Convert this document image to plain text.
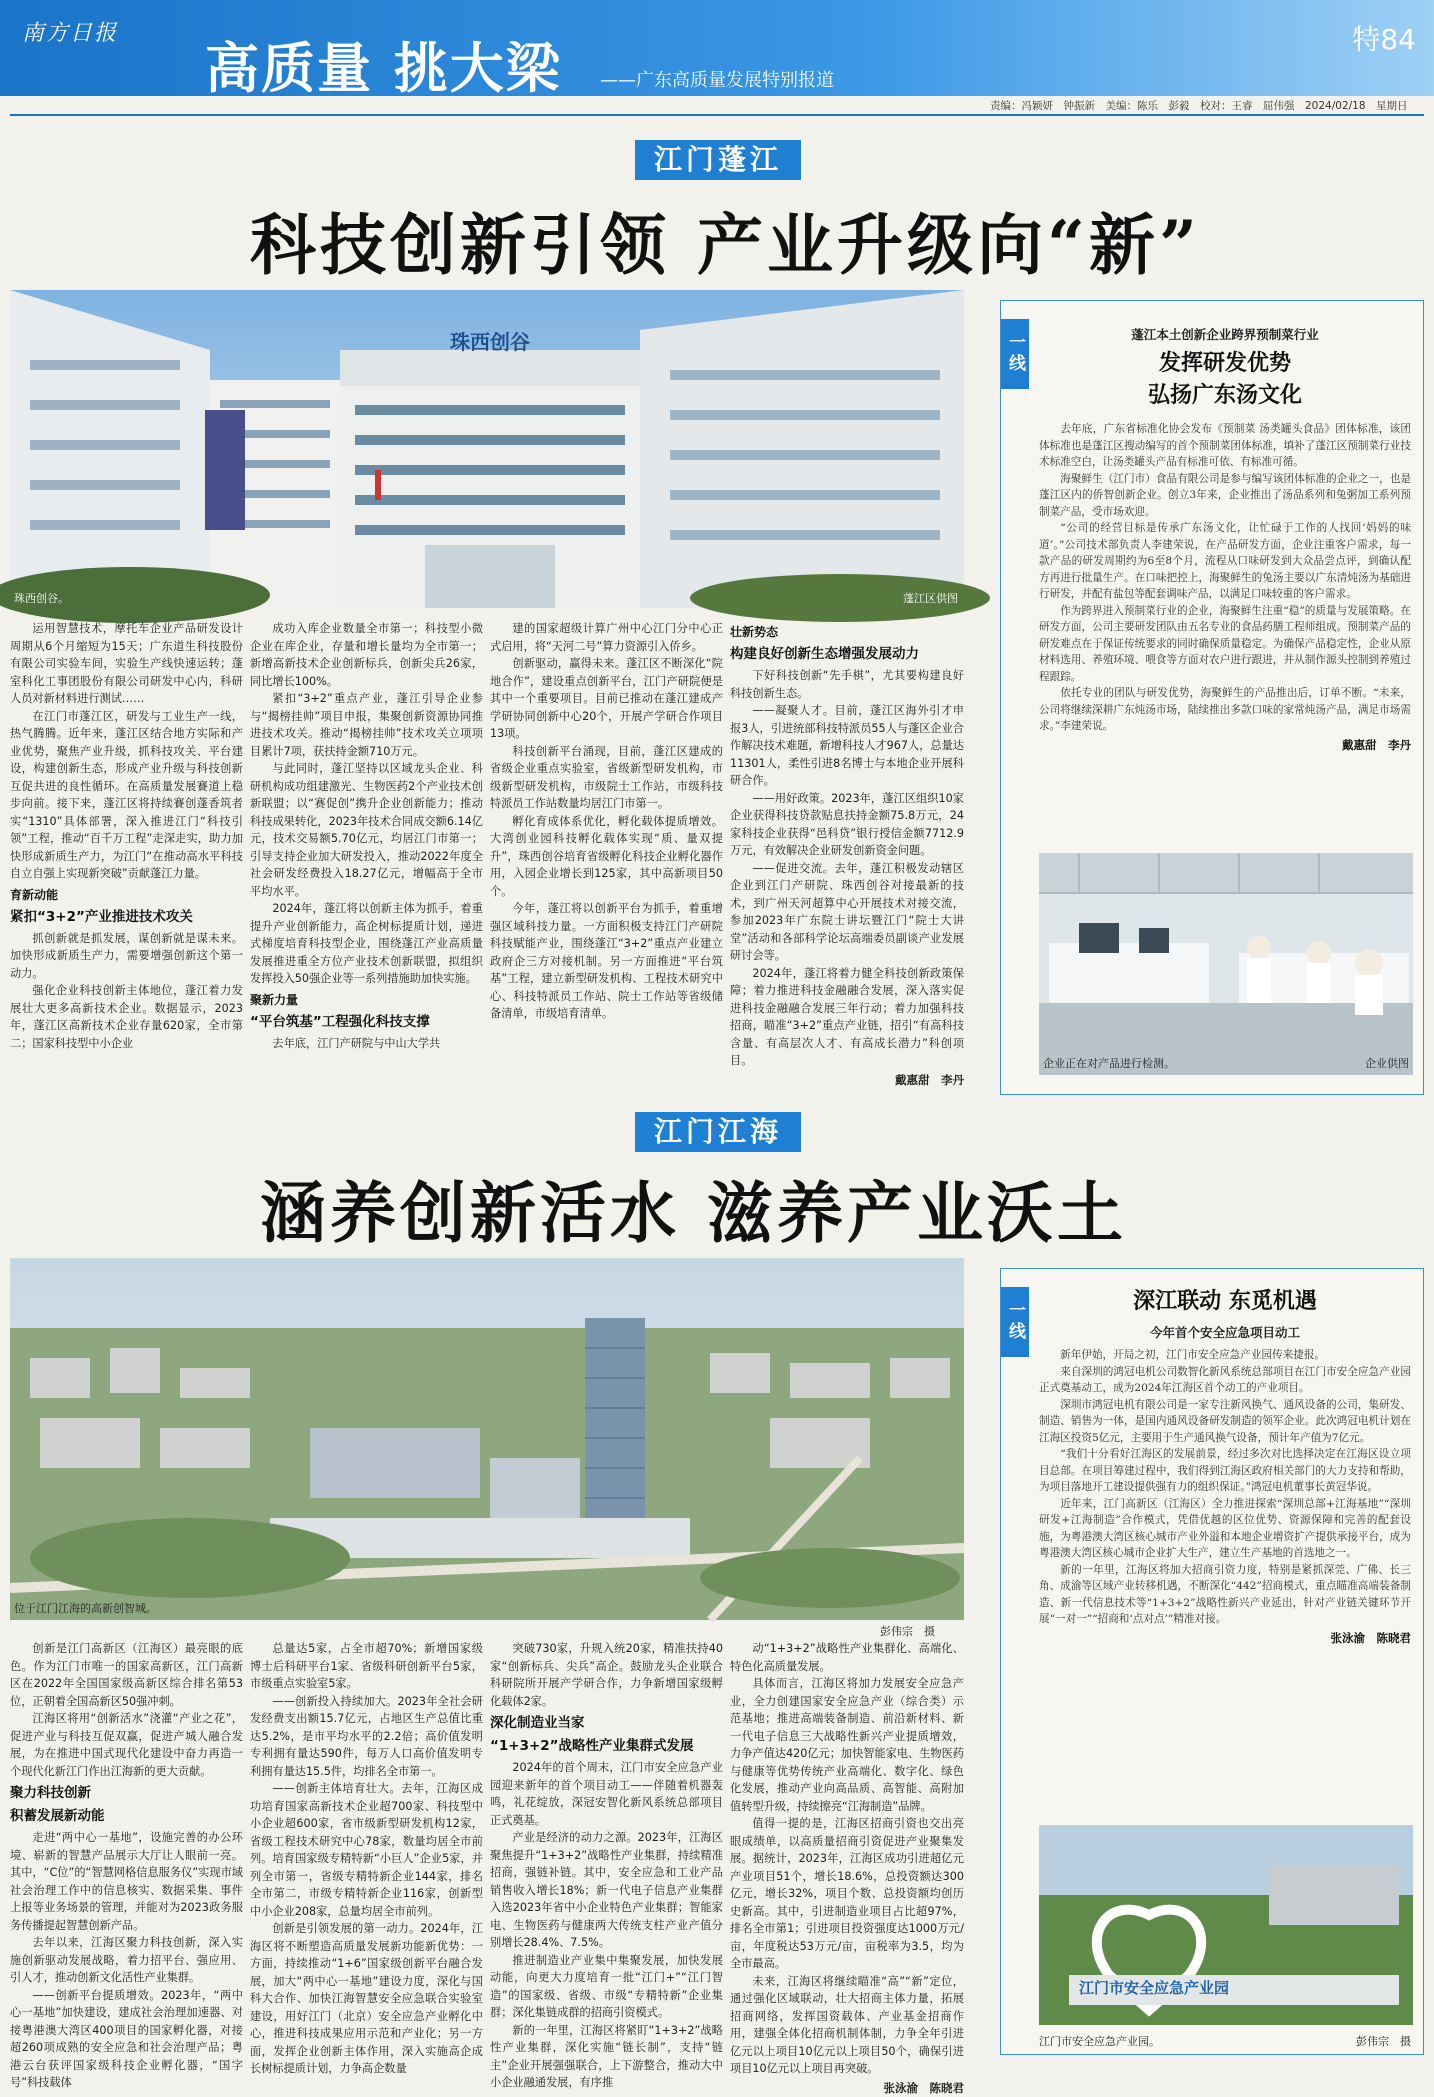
南方日报
高质量 挑大梁 ——广东高质量发展特别报道
特84
责编：冯颖妍　钟振新　美编：陈乐　彭毅　校对：王睿　屈伟强　2024/02/18　星期日
江门蓬江
科技创新引领 产业升级向“新”
珠西创谷
珠西创谷。	蓬江区供图

运用智慧技术，摩托车企业产品研发设计周期从6个月缩短为15天；广东道生科技股份有限公司实验车间，实验生产线快速运转；蓬室科化工事团股份有限公司研发中心内，科研人员对新材料进行测试……

在江门市蓬江区，研发与工业生产一线，热气腾腾。近年来，蓬江区结合地方实际和产业优势，聚焦产业升级，抓科技攻关、平台建设，构建创新生态，形成产业升级与科技创新互促共进的良性循环。在高质量发展賽道上稳步向前。接下来，蓬江区将持续賽创蓬香筑者实“1310”具体部署，深入推进江门“科技引领”工程，推动“百千万工程”走深走实，助力加快形成新质生产力，为江门“在推动高水平科技自立自强上实现新突破”贡献蓬江力量。

育新动能
紧扣“3+2”产业推进技术攻关

抓创新就是抓发展，谋创新就是谋未来。加快形成新质生产力，需要增强创新这个第一动力。

强化企业科技创新主体地位，蓬江着力发展壮大更多高新技术企业。数据显示，2023年，蓬江区高新技术企业存量620家，全市第二；国家科技型中小企业

成功入库企业数量全市第一；科技型小微企业在库企业，存量和增长量均为全市第一；新增高新技术企业创新标兵，创新尖兵26家，同比增长100%。

紧扣“3+2”重点产业，蓬江引导企业参与“揭榜挂帅”项目申报，集聚创新资源协同推进技术攻关。推动“揭榜挂帅”技术攻关立项项目累计7项，获扶持金额710万元。

与此同时，蓬江坚持以区域龙头企业、科研机构成功组建激光、生物医药2个产业技术创新联盟；以“赛促创”携升企业创新能力；推动科技成果转化，2023年技术合同成交额6.14亿元，技术交易额5.70亿元，均居江门市第一；引导支持企业加大研发投入，推动2022年度全社会研发经费投入18.27亿元，增幅高于全市平均水平。

2024年，蓬江将以创新主体为抓手，着重提升产业创新能力，高企树标提质计划，递进式梯度培育科技型企业，围绕蓬江产业高质量发展推进重全方位产业技术创新联盟，拟组织发挥投入50强企业等一系列措施助加快实施。

聚新力量
“平台筑基”工程强化科技支撑

去年底，江门产研院与中山大学共

建的国家超级计算广州中心江门分中心正式启用，将“天河二号”算力资源引入侨乡。

创新驱动，赢得未来。蓬江区不断深化“院地合作”，建设重点创新平台，江门产研院便是其中一个重要项目。目前已推动在蓬江建成产学研协同创新中心20个，开展产学研合作项目13项。

科技创新平台涌现，目前，蓬江区建成的省级企业重点实验室，省级新型研发机构，市级新型研发机构，市级院士工作站，市级科技特派员工作站数量均居江门市第一。

孵化育成体系优化，孵化载体提质增效。大湾创业园科技孵化载体实现“质、量双提升”，珠西创谷培育省级孵化科技企业孵化器作用，入园企业增长到125家，其中高新项目50个。

今年，蓬江将以创新平台为抓手，着重增强区域科技力量。一方面积极支持江门产研院科技赋能产业，围绕蓬江“3+2”重点产业建立政府企三方对接机制。另一方面推进“平台筑基”工程，建立新型研发机构、工程技术研究中心、科技特派员工作站、院士工作站等省级储备清单，市级培育清单。

壮新势态
构建良好创新生态增强发展动力

下好科技创新“先手棋”，尤其要构建良好科技创新生态。

——凝聚人才。目前，蓬江区海外引才申报3人，引进统部科技特派员55人与蓬区企业合作解决技术难题，新增科技人才967人，总量达11301人，柔性引进8名博士与本地企业开展科研合作。

——用好政策。2023年，蓬江区组织10家企业获得科技贷款贴息扶持金额75.8万元，24家科技企业获得“邑科贷”银行授信金额7712.9万元，有效解决企业研发创新资金问题。

——促进交流。去年，蓬江积极发动辖区企业到江门产研院、珠西创谷对接最新的技术，到广州天河超算中心开展技术对接交流，参加2023年广东院士讲坛暨江门“院士大讲堂”活动和各部科学论坛高端委员副谈产业发展研讨会等。

2024年，蓬江将着力健全科技创新政策保障；着力推进科技金融融合发展，深入落实促进科技金融融合发展三年行动；着力加强科技招商，瞄准“3+2”重点产业链，招引“有高科技含量、有高层次人才、有高成长潜力”科创项目。

戴惠甜　李丹
一线	蓬江本土创新企业跨界预制菜行业
发挥研发优势
弘扬广东汤文化

去年底，广东省标准化协会发布《预制菜 汤类罐头食品》团体标准，该团体标准也是蓬江区搜动编写的首个预制菜团体标准，填补了蓬江区预制菜行业技术标准空白，让汤类罐头产品有标准可依、有标准可循。

海聚鲜生（江门市）食品有限公司是参与编写该团体标准的企业之一，也是蓬江区内的侨智创新企业。创立3年来，企业推出了汤品系列和兔粥加工系列预制菜产品，受市场欢迎。

“公司的经营目标是传承广东汤文化，让忙碌于工作的人找回‘妈妈的味道’。”公司技术部负责人李建荣说，在产品研发方面，企业注重客户需求，每一款产品的研发周期约为6至8个月，流程从口味研发到大众品尝点评，到确认配方再进行批量生产。在口味把控上，海聚鲜生的兔汤主要以广东清炖汤为基础进行研发，并配有盐包等配套调味产品，以满足口味较重的客户需求。

作为跨界进入预制菜行业的企业，海聚鲜生注重“稳”的质量与发展策略。在研发方面，公司主要研发团队由五名专业的食品药膳工程师组成。预制菜产品的研发难点在于保证传统要求的同时确保质量稳定。为确保产品稳定性，企业从原材料选用、养殖环境、喂食等方面对农户进行跟进，并从制作源头控制到养殖过程跟踪。

依托专业的团队与研发优势，海聚鲜生的产品推出后，订单不断。“未来，公司将继续深耕广东炖汤市场，陆续推出多款口味的家常炖汤产品，满足市场需求。”李建荣说。

戴惠甜　李丹
企业正在对产品进行检测。	企业供图
江门江海
涵养创新活水 滋养产业沃土
位于江门江海的高新创智城。
彭伟宗　摄

创新是江门高新区（江海区）最亮眼的底色。作为江门市唯一的国家高新区，江门高新区在2022年全国国家级高新区综合排名第53位，正朝着全国高新区50强冲刺。

江海区将用“创新活水”浇灌“产业之花”，促进产业与科技互促双赢，促进产城人融合发展，为在推进中国式现代化建设中奋力再造一个现代化新江门作出江海新的更大贡献。

聚力科技创新
积蓄发展新动能

走进“两中心一基地”，设施完善的办公环境、崭新的智慧产品展示大厅让人眼前一亮。其中，“C位”的“智慧网格信息服务仪”实现市域社会治理工作中的信息核实、数据采集、事件上报等业务场景的管理，并能对为2023政务服务传播提起智慧创新产品。

去年以来，江海区聚力科技创新，深入实施创新驱动发展战略，着力招平台、强应用、引人才，推动创新文化活性产业集群。

——创新平台提质增效。2023年，“两中心一基地”加快建设，建成社会治理加速器、对接粤港澳大湾区400项目的国家孵化器，对接超260项成熟的安全应急和社会治理产品；粤港云台获评国家级科技企业孵化器，“国字号”科技载体

总量达5家，占全市超70%；新增国家级博士后科研平台1家、省级科研创新平台5家，市级重点实验室5家。

——创新投入持续加大。2023年全社会研发经费支出额15.7亿元，占地区生产总值比重达5.2%，是市平均水平的2.2倍；高价值发明专利拥有量达590件，每万人口高价值发明专利拥有量达15.5件，均排名全市第一。

——创新主体培育壮大。去年，江海区成功培育国家高新技术企业超700家、科技型中小企业超600家，省市级新型研发机构12家，省级工程技术研究中心78家，数量均居全市前列。培育国家级专精特新“小巨人”企业5家，并列全市第一，省级专精特新企业144家，排名全市第二，市级专精特新企业116家，创新型中小企业208家，总量均居全市前列。

创新是引领发展的第一动力。2024年，江海区将不断塑造高质量发展新功能新优势：一方面，持续推动“1+6”国家级创新平台融合发展，加大“两中心一基地”建设力度，深化与国科大合作、加快江海智慧安全应急联合实验室建设，用好江门（北京）安全应急产业孵化中心，推进科技成果应用示范和产业化；另一方面，发挥企业创新主体作用，深入实施高企成长树标提质计划，力争高企数量

突破730家，升规入统20家，精准扶持40家“创新标兵、尖兵”高企。鼓励龙头企业联合科研院所开展产学研合作，力争新增国家级孵化载体2家。

深化制造业当家
“1+3+2”战略性产业集群式发展

2024年的首个周末，江门市安全应急产业园迎来新年的首个项目动工——伴随着机器轰鸣，礼花绽放，深冠安智化新风系统总部项目正式奠基。

产业是经济的动力之源。2023年，江海区聚焦提升“1+3+2”战略性产业集群，持续精准招商，强链补链。其中，安全应急和工业产品销售收入增长18%；新一代电子信息产业集群入选2023年省中小企业特色产业集群；智能家电、生物医药与健康两大传统支柱产业产值分别增长28.4%、7.5%。

推进制造业产业集中集聚发展，加快发展动能，向更大力度培育一批“江门+”“江门智造”的国家级、省级、市级“专精特新”企业集群；深化集链成群的招商引资模式。

新的一年里，江海区将紧盯“1+3+2”战略性产业集群，深化实施“链长制”，支持“链主”企业开展强强联合，上下游整合，推动大中小企业融通发展，有序推

动“1+3+2”战略性产业集群化、高端化、特色化高质量发展。

具体而言，江海区将加力发展安全应急产业，全力创建国家安全应急产业（综合类）示范基地；推进高端装备制造、前沿新材料、新一代电子信息三大战略性新兴产业提质增效，力争产值达420亿元；加快智能家电、生物医药与健康等优势传统产业高端化、数字化、绿色化发展，推动产业向高品质、高智能、高附加值转型升级，持续擦亮“江海制造”品牌。

值得一提的是，江海区招商引资也交出亮眼成绩单，以高质量招商引资促进产业聚集发展。据统计，2023年，江海区成功引进超亿元产业项目51个，增长18.6%，总投资额达300亿元，增长32%，项目个数、总投资额均创历史新高。其中，引进制造业项目占比超97%，排名全市第1；引进项目投资强度达1000万元/亩，年度税达53万元/亩，亩税率为3.5，均为全市最高。

未来，江海区将继续瞄准“高”“新”定位，通过强化区域联动，壮大招商主体力量，拓展招商网络，发挥国资载体、产业基金招商作用，建强全体化招商机制体制，力争全年引进亿元以上项目10亿元以上项目50个，确保引进项目10亿元以上项目再突破。

张泳渝　陈晓君
一线	深江联动 东觅机遇
今年首个安全应急项目动工

新年伊始，开局之初，江门市安全应急产业园传来捷报。

来自深圳的鸿冠电机公司数智化新风系统总部项目在江门市安全应急产业园正式奠基动工，成为2024年江海区首个动工的产业项目。

深圳市鸿冠电机有限公司是一家专注新风换气、通风设备的公司，集研发、制造、销售为一体，是国内通风设备研发制造的领军企业。此次鸿冠电机计划在江海区投资5亿元，主要用于生产通风换气设备，预计年产值为7亿元。

“我们十分看好江海区的发展前景，经过多次对比选择决定在江海区设立项目总部。在项目筹建过程中，我们得到江海区政府相关部门的大力支持和帮助，为项目落地开工建设提供强有力的组织保证。”鸿冠电机董事长黄冠华说。

近年来，江门高新区（江海区）全力推进探索“深圳总部+江海基地”“深圳研发+江海制造”合作模式，凭借优越的区位优势、资源保障和完善的配套设施，为粤港澳大湾区核心城市产业外溢和本地企业增资扩产提供承接平台，成为粤港澳大湾区核心城市企业扩大生产，建立生产基地的首选地之一。

新的一年里，江海区将加大招商引资力度，特别是紧抓深莞、广佛、长三角、成渝等区域产业转移机遇，不断深化“442”招商模式，重点瞄准高端装备制造、新一代信息技术等“1+3+2”战略性新兴产业延出，针对产业链关键环节开展“一对一”“招商和‘点对点’”精准对接。

张泳渝　陈晓君
江门市安全应急产业园
江门市安全应急产业园。	彭伟宗　摄
